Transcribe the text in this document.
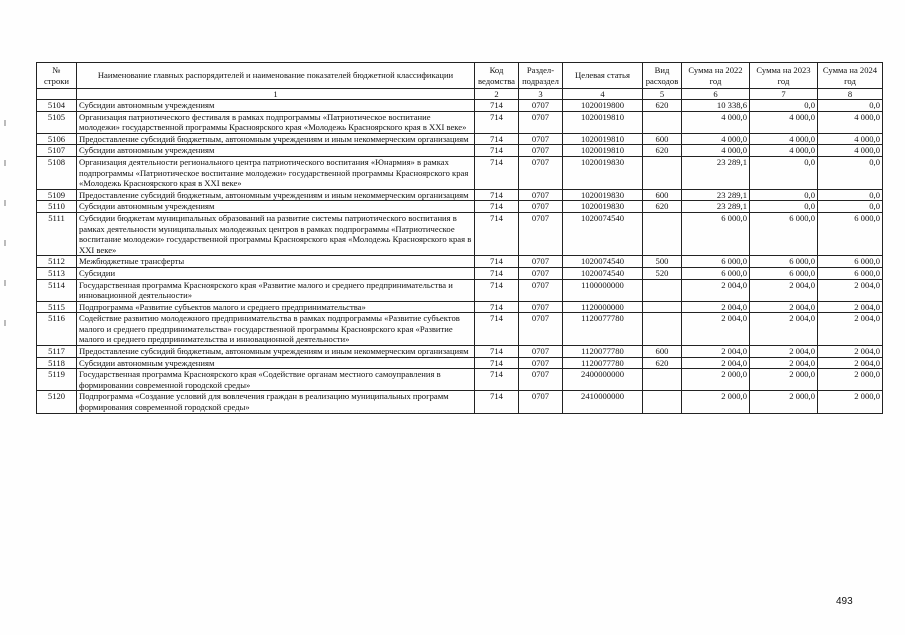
№ строки	Наименование главных распорядителей и наименование показателей бюджетной классификации	Код ведомства	Раздел-подраздел	Целевая статья	Вид расходов	Сумма на 2022 год	Сумма на 2023 год	Сумма на 2024 год
	1	2	3	4	5	6	7	8
5104	Субсидии автономным учреждениям	714	0707	1020019800	620	10 338,6	0,0	0,0
5105	Организация патриотического фестиваля в рамках подпрограммы «Патриотическое воспитание молодежи» государственной программы Красноярского края «Молодежь Красноярского края в XXI веке»	714	0707	1020019810		4 000,0	4 000,0	4 000,0
5106	Предоставление субсидий бюджетным, автономным учреждениям и иным некоммерческим организациям	714	0707	1020019810	600	4 000,0	4 000,0	4 000,0
5107	Субсидии автономным учреждениям	714	0707	1020019810	620	4 000,0	4 000,0	4 000,0
5108	Организация деятельности регионального центра патриотического воспитания «Юнармия» в рамках подпрограммы «Патриотическое воспитание молодежи» государственной программы Красноярского края «Молодежь Красноярского края в XXI веке»	714	0707	1020019830		23 289,1	0,0	0,0
5109	Предоставление субсидий бюджетным, автономным учреждениям и иным некоммерческим организациям	714	0707	1020019830	600	23 289,1	0,0	0,0
5110	Субсидии автономным учреждениям	714	0707	1020019830	620	23 289,1	0,0	0,0
5111	Субсидии бюджетам муниципальных образований на развитие системы патриотического воспитания в рамках деятельности муниципальных молодежных центров в рамках подпрограммы «Патриотическое воспитание молодежи» государственной программы Красноярского края «Молодежь Красноярского края в XXI веке»	714	0707	1020074540		6 000,0	6 000,0	6 000,0
5112	Межбюджетные трансферты	714	0707	1020074540	500	6 000,0	6 000,0	6 000,0
5113	Субсидии	714	0707	1020074540	520	6 000,0	6 000,0	6 000,0
5114	Государственная программа Красноярского края «Развитие малого и среднего предпринимательства и инновационной деятельности»	714	0707	1100000000		2 004,0	2 004,0	2 004,0
5115	Подпрограмма «Развитие субъектов малого и среднего предпринимательства»	714	0707	1120000000		2 004,0	2 004,0	2 004,0
5116	Содействие развитию молодежного предпринимательства в рамках подпрограммы «Развитие субъектов малого и среднего предпринимательства» государственной программы Красноярского края «Развитие малого и среднего предпринимательства и инновационной деятельности»	714	0707	1120077780		2 004,0	2 004,0	2 004,0
5117	Предоставление субсидий бюджетным, автономным учреждениям и иным некоммерческим организациям	714	0707	1120077780	600	2 004,0	2 004,0	2 004,0
5118	Субсидии автономным учреждениям	714	0707	1120077780	620	2 004,0	2 004,0	2 004,0
5119	Государственная программа Красноярского края «Содействие органам местного самоуправления в формировании современной городской среды»	714	0707	2400000000		2 000,0	2 000,0	2 000,0
5120	Подпрограмма «Создание условий для вовлечения граждан в реализацию муниципальных программ формирования современной городской среды»	714	0707	2410000000		2 000,0	2 000,0	2 000,0
493
